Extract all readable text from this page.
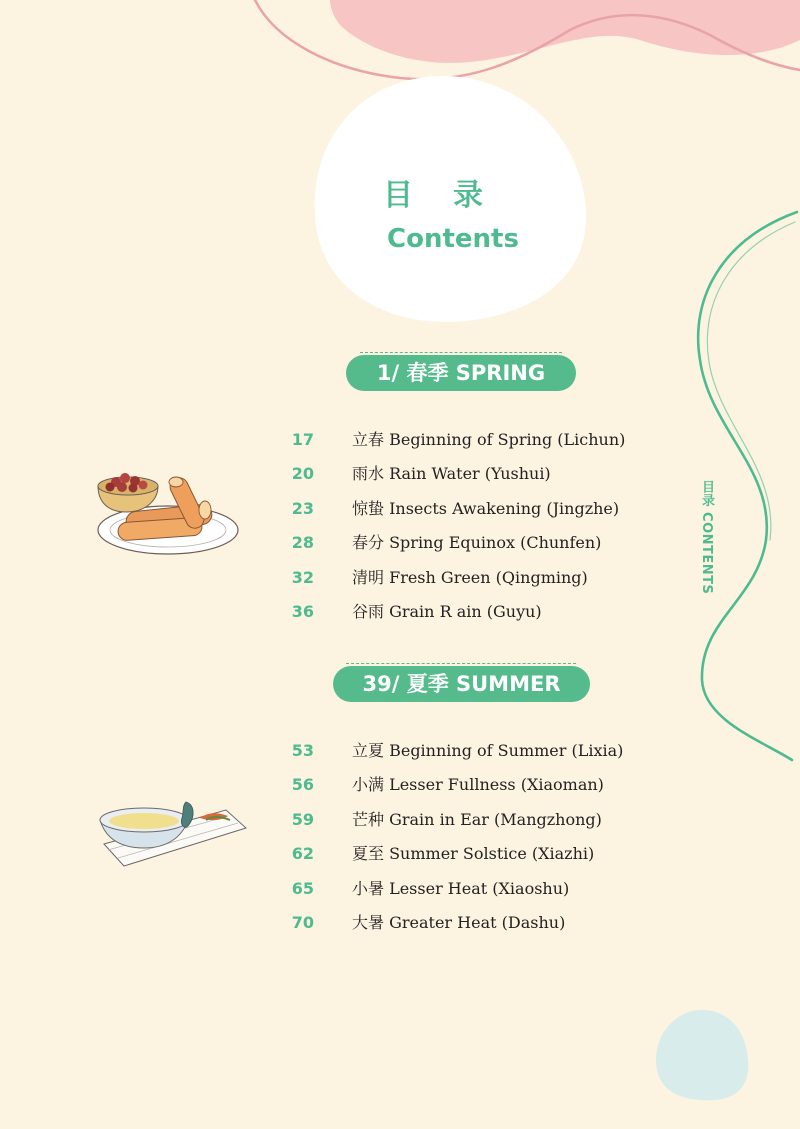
目录
Contents
1/ 春季 SPRING
17 立春 Beginning of Spring (Lichun)
20 雨水 Rain Water (Yushui)
23 惊蛰 Insects Awakening (Jingzhe)
28 春分 Spring Equinox (Chunfen)
32 清明 Fresh Green (Qingming)
36 谷雨 Grain R ain (Guyu)
39/ 夏季 SUMMER
53 立夏 Beginning of Summer (Lixia)
56 小满 Lesser Fullness (Xiaoman)
59 芒种 Grain in Ear (Mangzhong)
62 夏至 Summer Solstice (Xiazhi)
65 小暑 Lesser Heat (Xiaoshu)
70 大暑 Greater Heat (Dashu)
目录 CONTENTS
